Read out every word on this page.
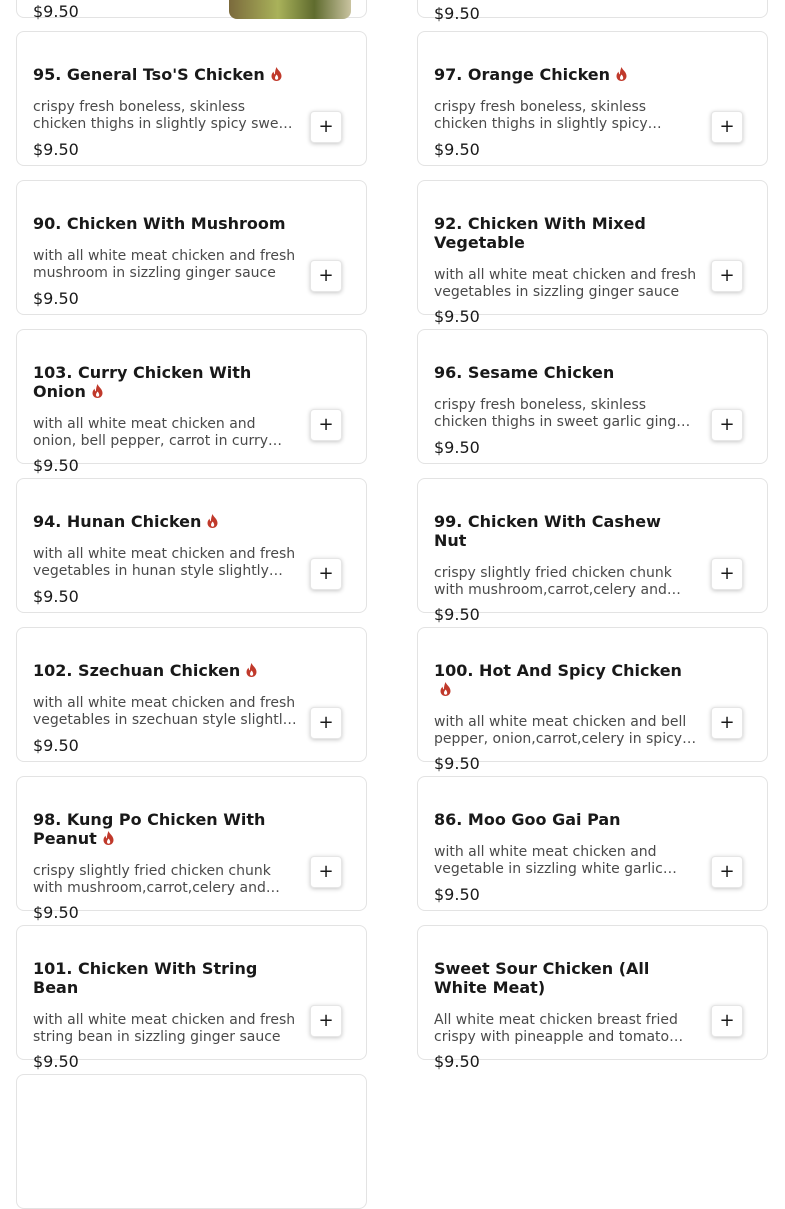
$9.50	$9.50
95. General Tso'S Chicken
crispy fresh boneless, skinless chicken thighs in slightly spicy sweet
$9.50
+
97. Orange Chicken
crispy fresh boneless, skinless chicken thighs in slightly spicy
$9.50
+
90. Chicken With Mushroom
with all white meat chicken and fresh mushroom in sizzling ginger sauce
$9.50
+
92. Chicken With Mixed Vegetable
with all white meat chicken and fresh vegetables in sizzling ginger sauce
$9.50
+
103. Curry Chicken With Onion
with all white meat chicken and onion, bell pepper, carrot in curry
$9.50
+
96. Sesame Chicken
crispy fresh boneless, skinless chicken thighs in sweet garlic ginger
$9.50
+
94. Hunan Chicken
with all white meat chicken and fresh vegetables in hunan style slightly
$9.50
+
99. Chicken With Cashew Nut
crispy slightly fried chicken chunk with mushroom,carrot,celery and
$9.50
+
102. Szechuan Chicken
with all white meat chicken and fresh vegetables in szechuan style slightly
$9.50
+
100. Hot And Spicy Chicken
with all white meat chicken and bell pepper, onion,carrot,celery in spicy
$9.50
+
98. Kung Po Chicken With Peanut
crispy slightly fried chicken chunk with mushroom,carrot,celery and
$9.50
+
86. Moo Goo Gai Pan
with all white meat chicken and vegetable in sizzling white garlic
$9.50
+
101. Chicken With String Bean
with all white meat chicken and fresh string bean in sizzling ginger sauce
$9.50
+
Sweet Sour Chicken (All White Meat)
All white meat chicken breast fried crispy with pineapple and tomato
$9.50
+
